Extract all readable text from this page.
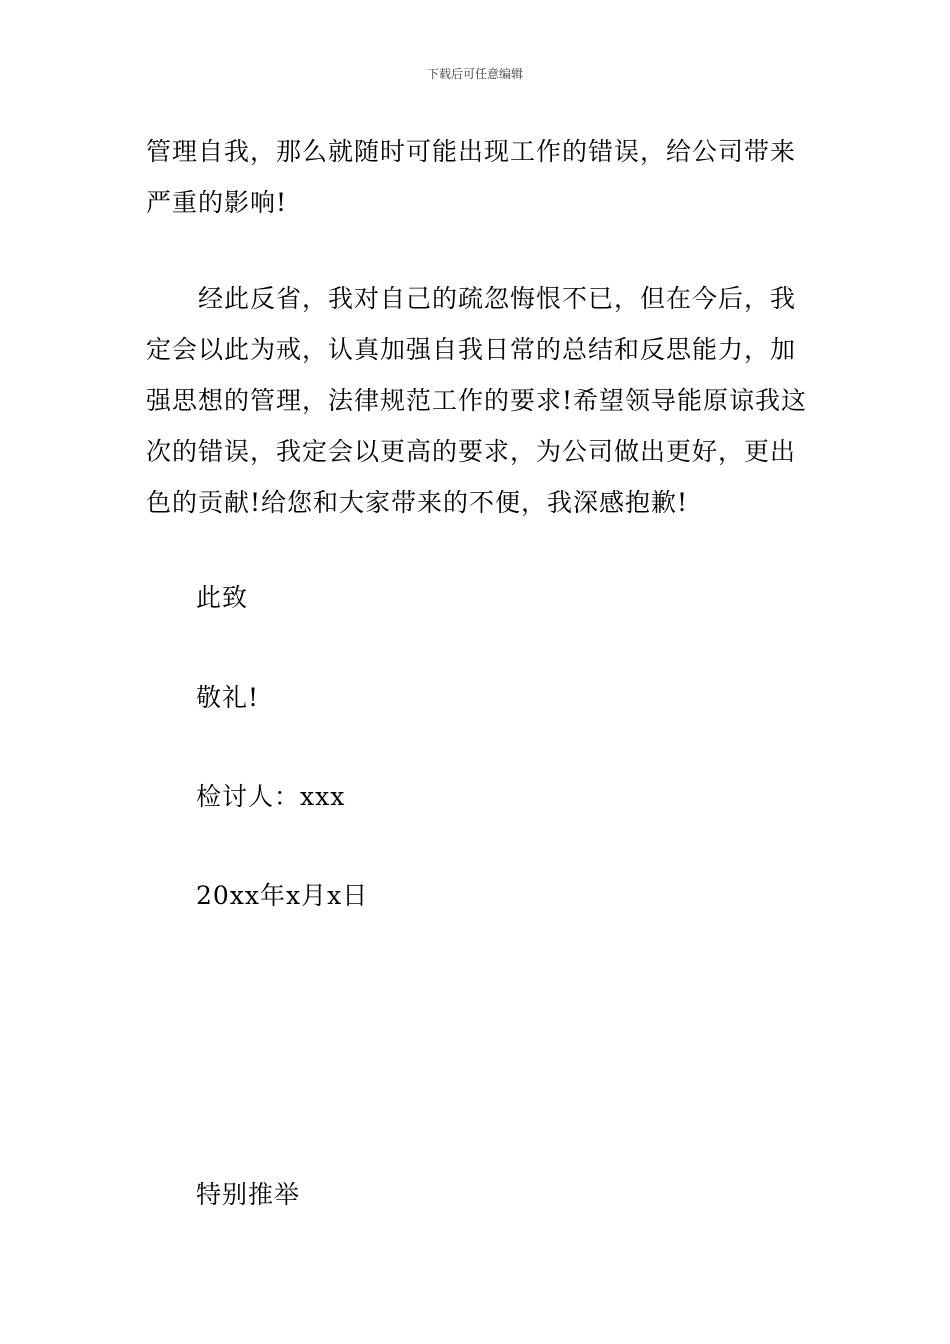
下载后可任意编辑

管理自我，那么就随时可能出现工作的错误，给公司带来严重的影响!

经此反省，我对自己的疏忽悔恨不已，但在今后，我定会以此为戒，认真加强自我日常的总结和反思能力，加强思想的管理，法律规范工作的要求!希望领导能原谅我这次的错误，我定会以更高的要求，为公司做出更好，更出色的贡献!给您和大家带来的不便，我深感抱歉!

此致

敬礼!

检讨人：xxx

20xx年x月x日

特别推举
